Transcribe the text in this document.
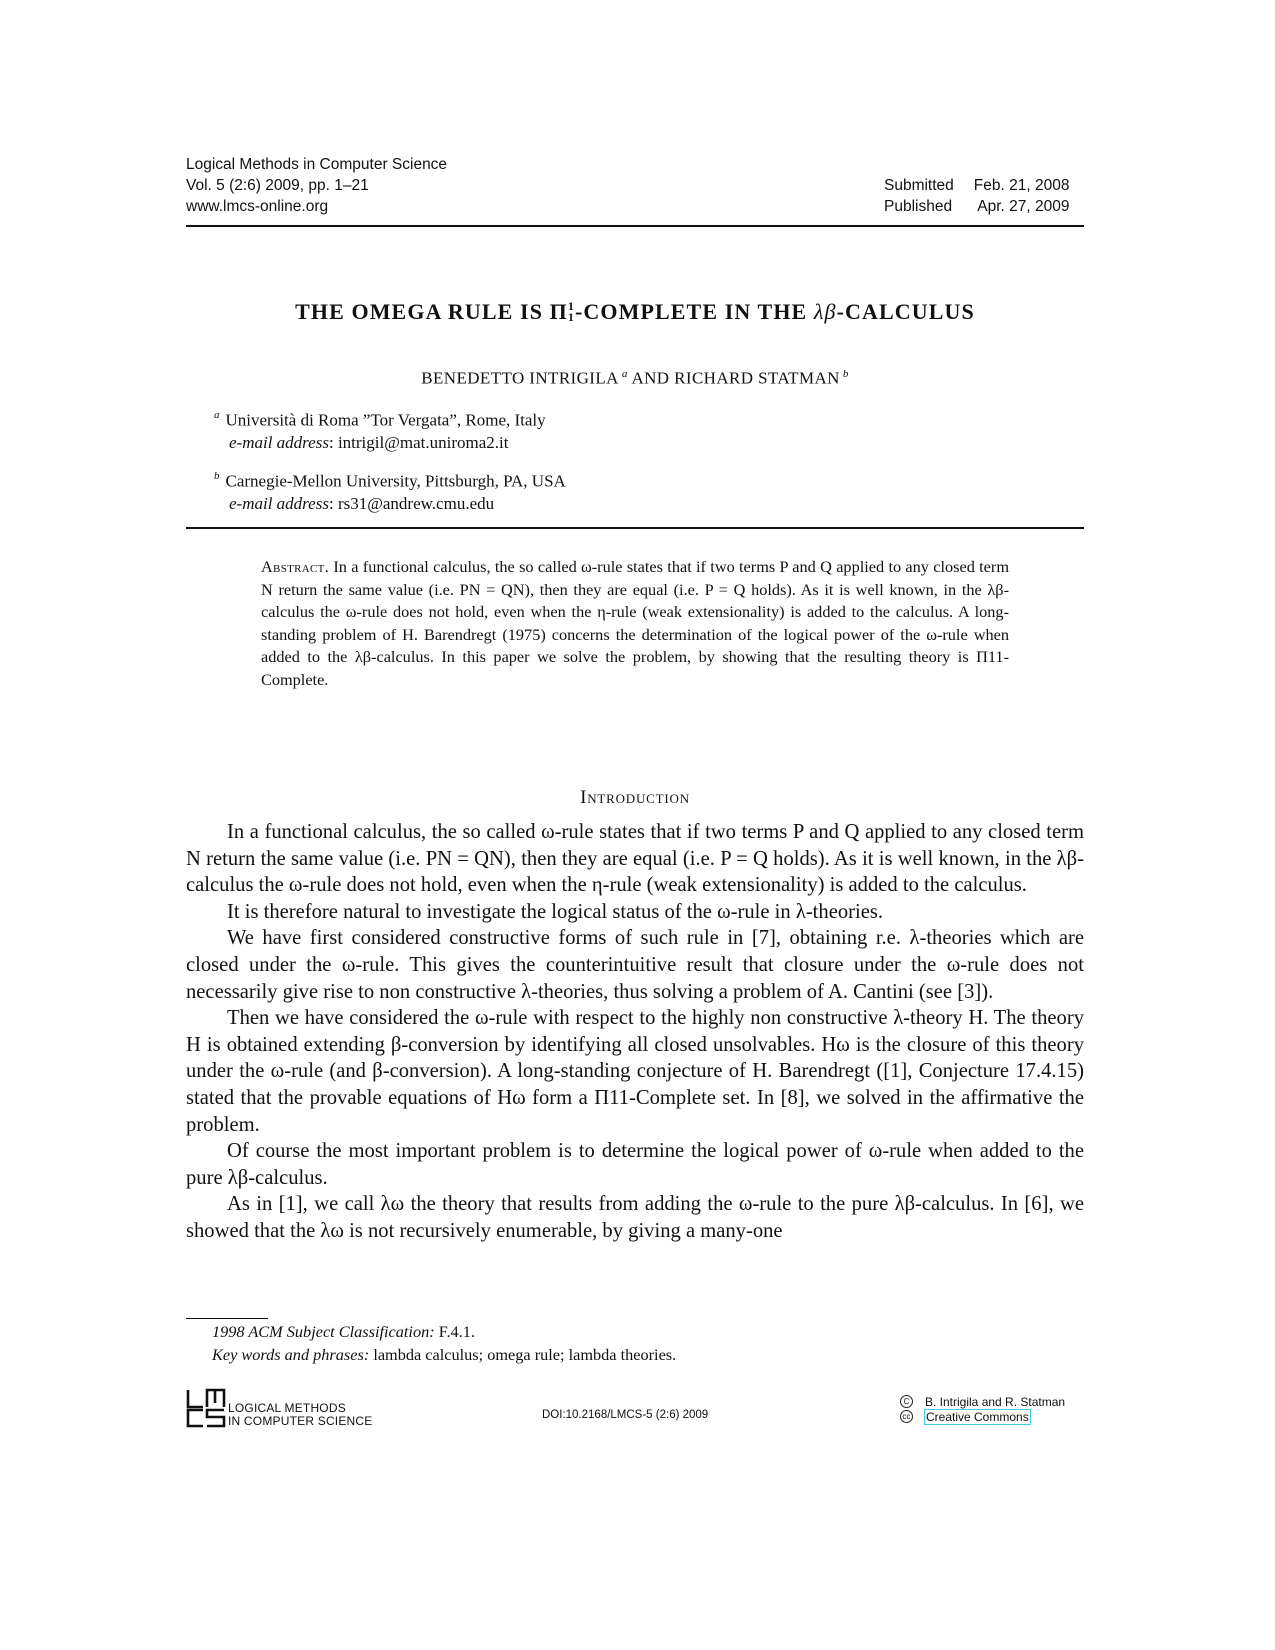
Logical Methods in Computer Science
Vol. 5 (2:6) 2009, pp. 1–21
www.lmcs-online.org
Submitted	Feb. 21, 2008
Published	Apr. 27, 2009
THE OMEGA RULE IS Π 1
1 -COMPLETE IN THE λβ-CALCULUS
BENEDETTO INTRIGILA $^a$ AND RICHARD STATMAN $^b$
$^a$ Università di Roma ”Tor Vergata”, Rome, Italy
e-mail address: intrigil@mat.uniroma2.it
$^b$ Carnegie-Mellon University, Pittsburgh, PA, USA
e-mail address: rs31@andrew.cmu.edu
Abstract. In a functional calculus, the so called ω-rule states that if two terms P and Q applied to any closed term N return the same value (i.e. PN = QN), then they are equal (i.e. P = Q holds). As it is well known, in the λβ-calculus the ω-rule does not hold, even when the η-rule (weak extensionality) is added to the calculus. A long-standing problem of H. Barendregt (1975) concerns the determination of the logical power of the ω-rule when added to the λβ-calculus. In this paper we solve the problem, by showing that the resulting theory is Π11-Complete.
Introduction

In a functional calculus, the so called ω-rule states that if two terms P and Q applied to any closed term N return the same value (i.e. PN = QN), then they are equal (i.e. P = Q holds). As it is well known, in the λβ-calculus the ω-rule does not hold, even when the η-rule (weak extensionality) is added to the calculus.

It is therefore natural to investigate the logical status of the ω-rule in λ-theories.

We have first considered constructive forms of such rule in [7], obtaining r.e. λ-theories which are closed under the ω-rule. This gives the counterintuitive result that closure under the ω-rule does not necessarily give rise to non constructive λ-theories, thus solving a problem of A. Cantini (see [3]).

Then we have considered the ω-rule with respect to the highly non constructive λ-theory H. The theory H is obtained extending β-conversion by identifying all closed unsolvables. Hω is the closure of this theory under the ω-rule (and β-conversion). A long-standing conjecture of H. Barendregt ([1], Conjecture 17.4.15) stated that the provable equations of Hω form a Π11-Complete set. In [8], we solved in the affirmative the problem.

Of course the most important problem is to determine the logical power of ω-rule when added to the pure λβ-calculus.

As in [1], we call λω the theory that results from adding the ω-rule to the pure λβ-calculus. In [6], we showed that the λω is not recursively enumerable, by giving a many-one

1998 ACM Subject Classification: F.4.1.
Key words and phrases: lambda calculus; omega rule; lambda theories.
LOGICAL METHODS
IN COMPUTER SCIENCE	DOI:10.2168/LMCS-5 (2:6) 2009
C B. Intrigila and R. Statman
cc Creative Commons
